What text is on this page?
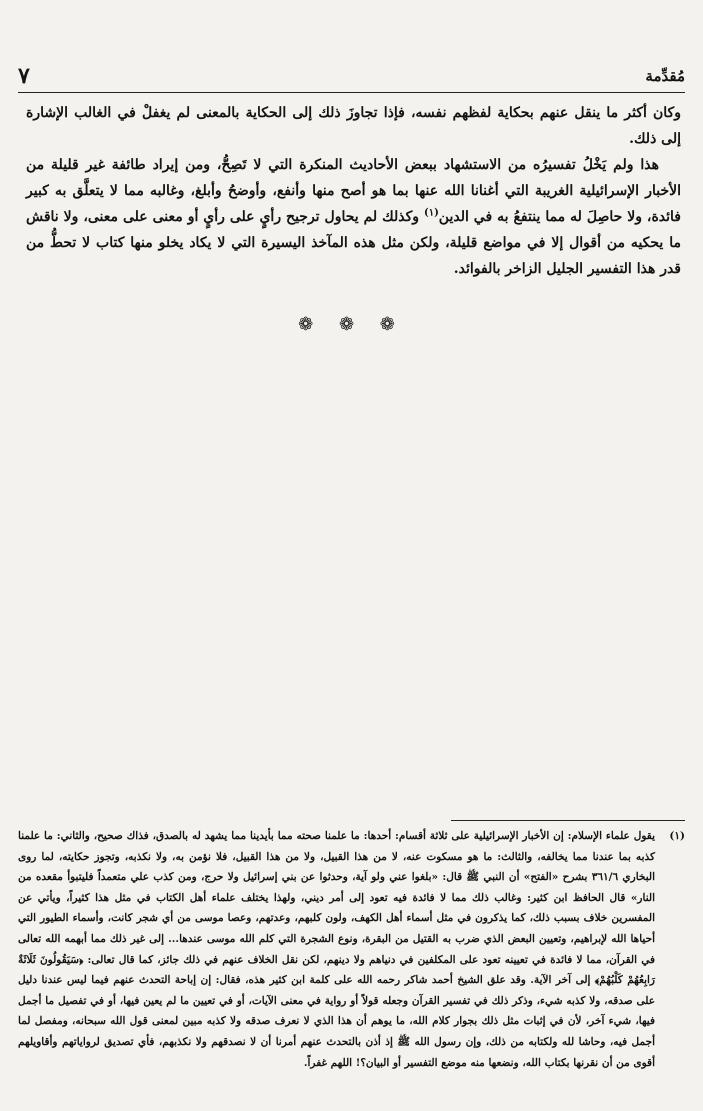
مُقدِّمة
٧

وكان أكثر ما ينقل عنهم بحكاية لفظهم نفسه، فإذا تجاوزَ ذلك إلى الحكاية بالمعنى لم يغفلْ في الغالب الإشارة إلى ذلك.

هذا ولم يَخْلُ تفسيرُه من الاستشهاد ببعض الأحاديث المنكرة التي لا تَصِحُّ، ومن إيراد طائفة غير قليلة من الأخبار الإسرائيلية الغريبة التي أغنانا الله عنها بما هو أصح منها وأنفع، وأوضحُ وأبلغ، وغالبه مما لا يتعلَّق به كبير فائدة، ولا حاصِلَ له مما ينتفعُ به في الدين$^{(١)}$ وكذلك لم يحاول ترجيح رأيٍ على رأيٍ أو معنى على معنى، ولا ناقش ما يحكيه من أقوال إلا في مواضع قليلة، ولكن مثل هذه المآخذ اليسيرة التي لا يكاد يخلو منها كتاب لا تحطُّ من قدر هذا التفسير الجليل الزاخر بالفوائد.

❁ ❁ ❁
(١)
يقول علماء الإسلام: إن الأخبار الإسرائيلية على ثلاثة أقسام: أحدها: ما علمنا صحته مما بأيدينا مما يشهد له بالصدق، فذاك صحيح، والثاني: ما علمنا كذبه بما عندنا مما يخالفه، والثالث: ما هو مسكوت عنه، لا من هذا القبيل، ولا من هذا القبيل، فلا نؤمن به، ولا نكذبه، وتجوز حكايته، لما روى البخاري ٣٦١/٦ بشرح «الفتح» أن النبي ﷺ قال: «بلغوا عني ولو آية، وحدثوا عن بني إسرائيل ولا حرج، ومن كذب علي متعمداً فليتبوأ مقعده من النار» قال الحافظ ابن كثير: وغالب ذلك مما لا فائدة فيه تعود إلى أمر ديني، ولهذا يختلف علماء أهل الكتاب في مثل هذا كثيراً، ويأتي عن المفسرين خلاف بسبب ذلك، كما يذكرون في مثل أسماء أهل الكهف، ولون كلبهم، وعدتهم، وعصا موسى من أي شجر كانت، وأسماء الطيور التي أحياها الله لإبراهيم، وتعيين البعض الذي ضرب به القتيل من البقرة، ونوع الشجرة التي كلم الله موسى عندها... إلى غير ذلك مما أبهمه الله تعالى في القرآن، مما لا فائدة في تعيينه تعود على المكلفين في دنياهم ولا دينهم، لكن نقل الخلاف عنهم في ذلك جائز، كما قال تعالى: ﴿سَيَقُولُونَ ثَلَاثَةٌ رَابِعُهُمْ كَلْبُهُمْ﴾ إلى آخر الآية. وقد علق الشيخ أحمد شاكر رحمه الله على كلمة ابن كثير هذه، فقال: إن إباحة التحدث عنهم فيما ليس عندنا دليل على صدقه، ولا كذبه شيء، وذكر ذلك في تفسير القرآن وجعله قولاً أو رواية في معنى الآيات، أو في تعيين ما لم يعين فيها، أو في تفصيل ما أجمل فيها، شيء آخر، لأن في إثبات مثل ذلك بجوار كلام الله، ما يوهم أن هذا الذي لا نعرف صدقه ولا كذبه مبين لمعنى قول الله سبحانه، ومفصل لما أجمل فيه، وحاشا لله ولكتابه من ذلك، وإن رسول الله ﷺ إذ أذن بالتحدث عنهم أمرنا أن لا نصدقهم ولا نكذبهم، فأي تصديق لرواياتهم وأقاويلهم أقوى من أن نقرنها بكتاب الله، ونضعها منه موضع التفسير أو البيان؟! اللهم غفراً.
